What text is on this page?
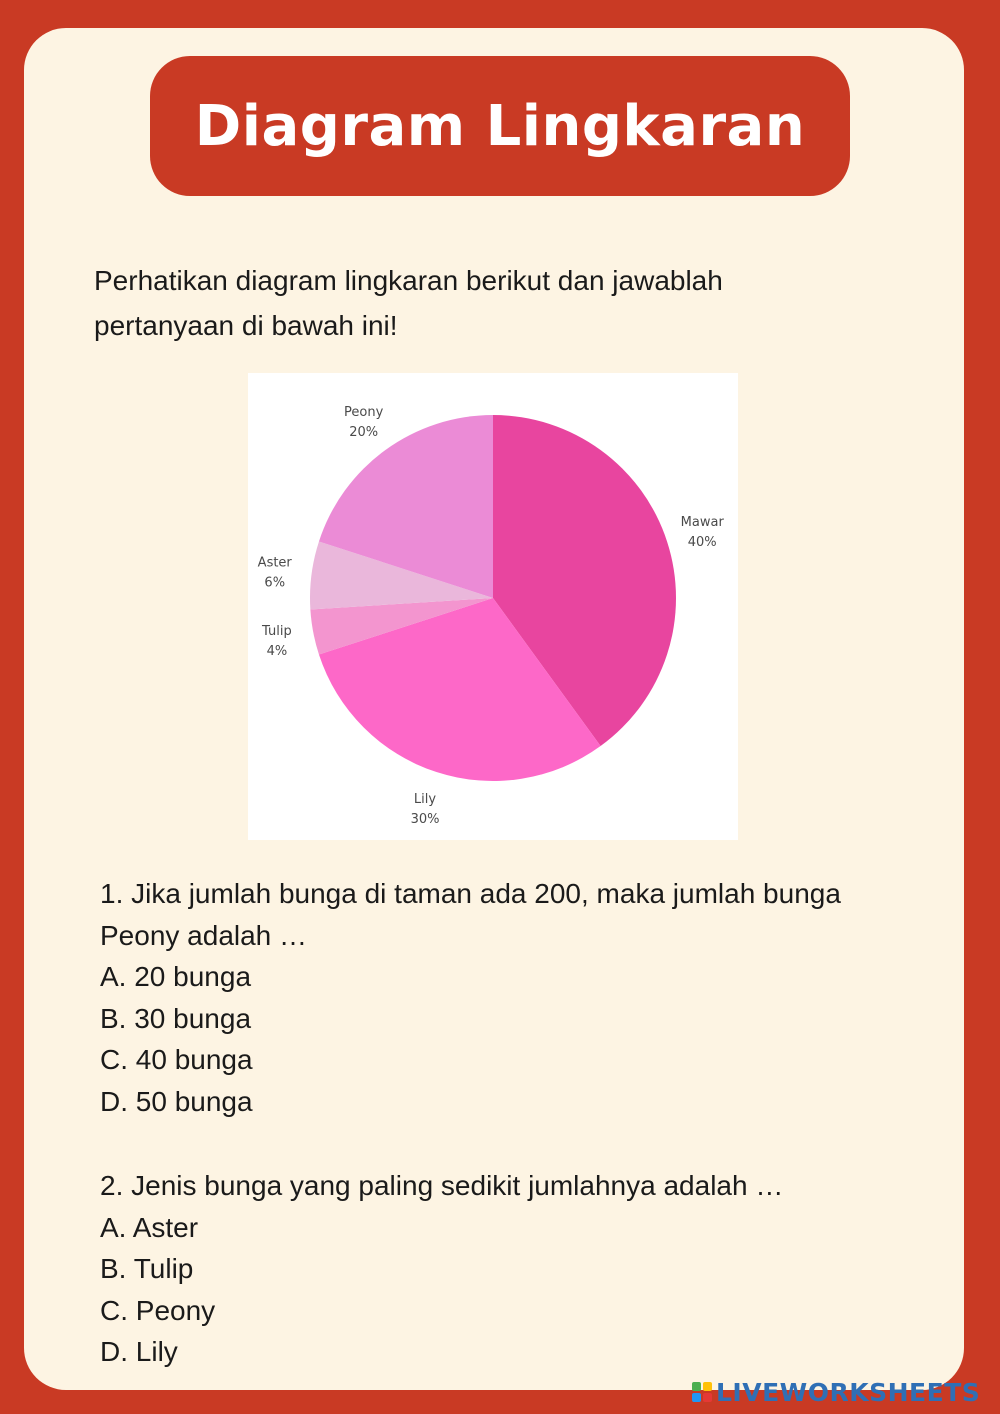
Diagram Lingkaran

Perhatikan diagram lingkaran berikut dan jawablah pertanyaan di bawah ini!

Mawar
40%
Lily
30%
Tulip
4%
Aster
6%
Peony
20%

1. Jika jumlah bunga di taman ada 200, maka jumlah bunga Peony adalah …

A. 20 bunga
B. 30 bunga
C. 40 bunga
D. 50 bunga

2. Jenis bunga yang paling sedikit jumlahnya adalah …

A. Aster
B. Tulip
C. Peony
D. Lily
LIVEWORKSHEETS
